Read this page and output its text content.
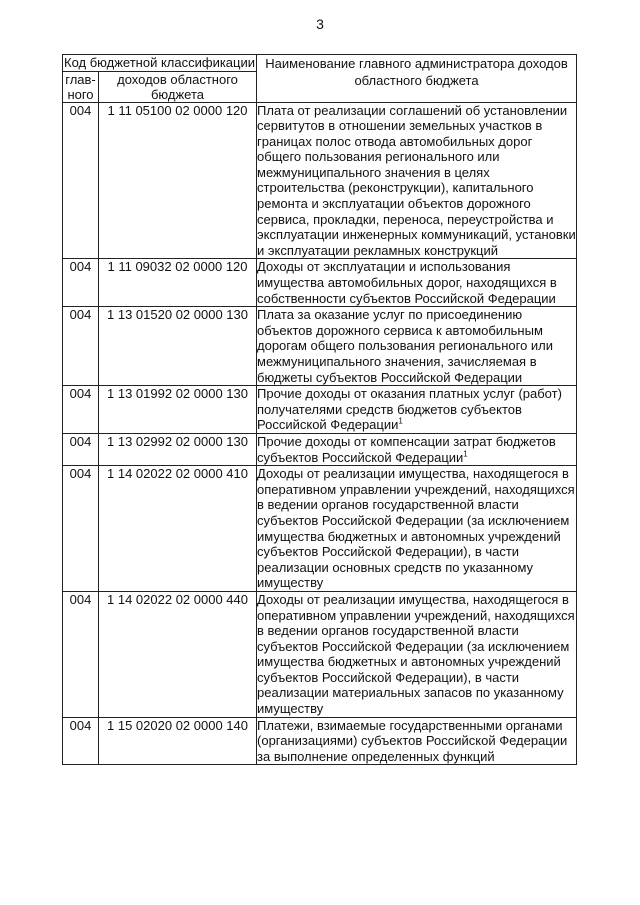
3
Код бюджетной классификации		Наименование главного администратора доходов областного бюджета
глав-ного	доходов областного бюджета	
004	1 11 05100 02 0000 120	Плата от реализации соглашений об установлении сервитутов в отношении земельных участков в границах полос отвода автомобильных дорог общего пользования регионального или межмуниципального значения в целях строительства (реконструкции), капитального ремонта и эксплуатации объектов дорожного сервиса, прокладки, переноса, переустройства и эксплуатации инженерных коммуникаций, установки и эксплуатации рекламных конструкций
004	1 11 09032 02 0000 120	Доходы от эксплуатации и использования имущества автомобильных дорог, находящихся в собственности субъектов Российской Федерации
004	1 13 01520 02 0000 130	Плата за оказание услуг по присоединению объектов дорожного сервиса к автомобильным дорогам общего пользования регионального или межмуниципального значения, зачисляемая в бюджеты субъектов Российской Федерации
004	1 13 01992 02 0000 130	Прочие доходы от оказания платных услуг (работ) получателями средств бюджетов субъектов Российской Федерации$^1$
004	1 13 02992 02 0000 130	Прочие доходы от компенсации затрат бюджетов субъектов Российской Федерации$^1$
004	1 14 02022 02 0000 410	Доходы от реализации имущества, находящегося в оперативном управлении учреждений, находящихся в ведении органов государственной власти субъектов Российской Федерации (за исключением имущества бюджетных и автономных учреждений субъектов Российской Федерации), в части реализации основных средств по указанному имуществу
004	1 14 02022 02 0000 440	Доходы от реализации имущества, находящегося в оперативном управлении учреждений, находящихся в ведении органов государственной власти субъектов Российской Федерации (за исключением имущества бюджетных и автономных учреждений субъектов Российской Федерации), в части реализации материальных запасов по указанному имуществу
004	1 15 02020 02 0000 140	Платежи, взимаемые государственными органами (организациями) субъектов Российской Федерации за выполнение определенных функций
